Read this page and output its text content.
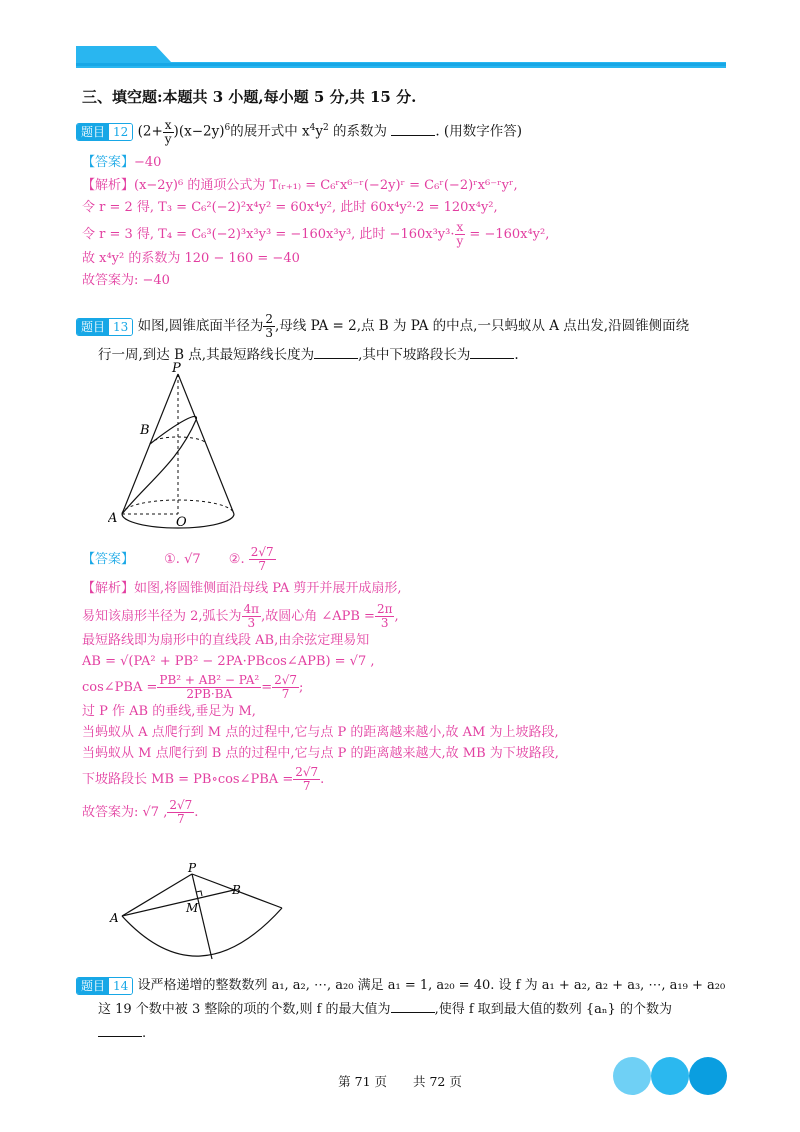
三、填空题:本题共 3 小题,每小题 5 分,共 15 分.
题目 12 $(2+ \frac{x}{y} )(x-2y)^6$的展开式中 $x^4y^2$ 的系数为	. (用数字作答)
【答案】−40
【解析】(x−2y)⁶ 的通项公式为 T₍ᵣ₊₁₎ = C₆ʳx⁶⁻ʳ(−2y)ʳ = C₆ʳ(−2)ʳx⁶⁻ʳyʳ,
令 r = 2 得, T₃ = C₆²(−2)²x⁴y² = 60x⁴y², 此时 60x⁴y²·2 = 120x⁴y²,
令 r = 3 得, T₄ = C₆³(−2)³x³y³ = −160x³y³, 此时 $-160x^3y^3\cdot \frac{x}{y} = -160x^4y^2$,
故 x⁴y² 的系数为 120 − 160 = −40
故答案为: −40
题目 13 如图,圆锥底面半径为 $\frac{2}{3}$ ,母线 PA = 2,点 B 为 PA 的中点,一只蚂蚁从 A 点出发,沿圆锥侧面绕
行一周,到达 B 点,其最短路线长度为	,其中下坡路段长为	.
P
B
A	O
【答案】 ①. √7 ②. $\frac{2√7}{7}$
【解析】如图,将圆锥侧面沿母线 PA 剪开并展开成扇形,
易知该扇形半径为 2,弧长为 $\frac{4\pi}{3}$ ,故圆心角 ∠APB = $\frac{2\pi}{3}$ ,
最短路线即为扇形中的直线段 AB,由余弦定理易知
AB = √(PA² + PB² − 2PA·PBcos∠APB) = √7 ,
cos∠PBA = $\frac{\text{PB² + AB² − PA²}}{2PB\cdot BA} = \frac{2√7}{7}$ ;
过 P 作 AB 的垂线,垂足为 M,
当蚂蚁从 A 点爬行到 M 点的过程中,它与点 P 的距离越来越小,故 AM 为上坡路段,
当蚂蚁从 M 点爬行到 B 点的过程中,它与点 P 的距离越来越大,故 MB 为下坡路段,
下坡路段长 MB = PB∘cos∠PBA = $\frac{2√7}{7}$ .
故答案为: √7 , $\frac{2√7}{7}$ .
P
B
A
M
题目 14 设严格递增的整数数列 a₁, a₂, ⋯, a₂₀ 满足 a₁ = 1, a₂₀ = 40. 设 f 为 a₁ + a₂, a₂ + a₃, ⋯, a₁₉ + a₂₀
这 19 个数中被 3 整除的项的个数,则 f 的最大值为	,使得 f 取到最大值的数列 {aₙ} 的个数为
.
第 71 页 共 72 页
